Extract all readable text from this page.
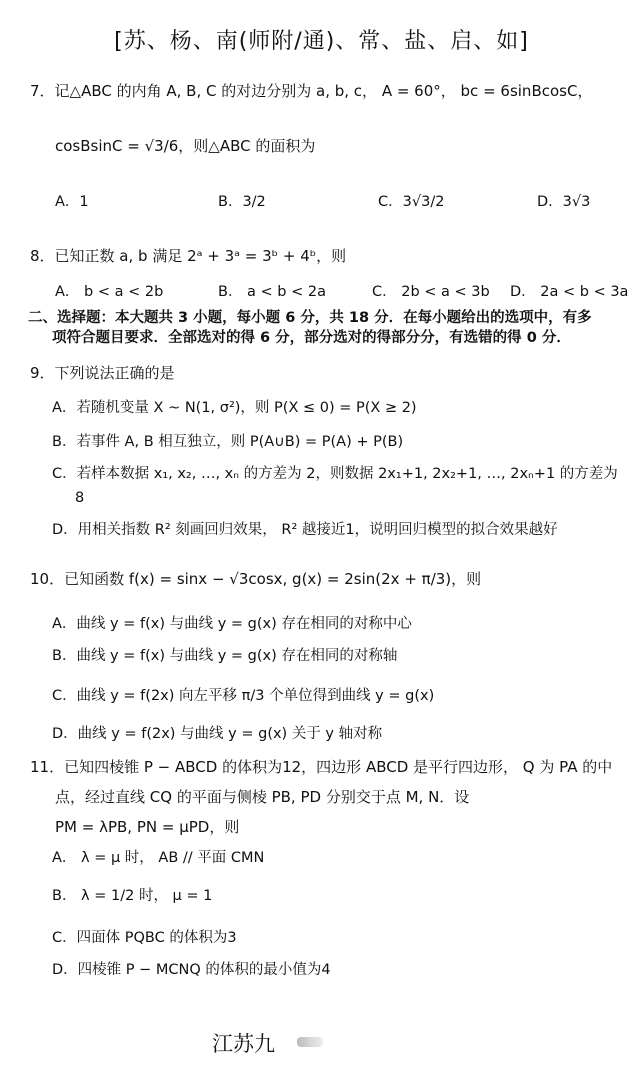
[苏、杨、南(师附/通)、常、盐、启、如]
7．记△ABC 的内角 A, B, C 的对边分别为 a, b, c， A = 60°， bc = 6sinBcosC，
cosBsinC = √3/6，则△ABC 的面积为
A．1	B．3/2	C．3√3/2	D．3√3
8．已知正数 a, b 满足 2ᵃ + 3ᵃ = 3ᵇ + 4ᵇ，则
A． b < a < 2b	B． a < b < 2a	C． 2b < a < 3b D． 2a < b < 3a
二、选择题：本大题共 3 小题，每小题 6 分，共 18 分．在每小题给出的选项中，有多
项符合题目要求．全部选对的得 6 分，部分选对的得部分分，有选错的得 0 分．
9．下列说法正确的是
A．若随机变量 X ~ N(1, σ²)，则 P(X ≤ 0) = P(X ≥ 2)
B．若事件 A, B 相互独立，则 P(A∪B) = P(A) + P(B)
C．若样本数据 x₁, x₂, …, xₙ 的方差为 2，则数据 2x₁+1, 2x₂+1, …, 2xₙ+1 的方差为
8
D．用相关指数 R² 刻画回归效果， R² 越接近1，说明回归模型的拟合效果越好
10．已知函数 f(x) = sinx − √3cosx, g(x) = 2sin(2x + π/3)，则
A．曲线 y = f(x) 与曲线 y = g(x) 存在相同的对称中心
B．曲线 y = f(x) 与曲线 y = g(x) 存在相同的对称轴
C．曲线 y = f(2x) 向左平移 π/3 个单位得到曲线 y = g(x)
D．曲线 y = f(2x) 与曲线 y = g(x) 关于 y 轴对称
11．已知四棱锥 P − ABCD 的体积为12，四边形 ABCD 是平行四边形， Q 为 PA 的中
点，经过直线 CQ 的平面与侧棱 PB, PD 分别交于点 M, N．设
PM = λPB, PN = μPD，则
A． λ = μ 时， AB // 平面 CMN
B． λ = 1/2 时， μ = 1
C．四面体 PQBC 的体积为3
D．四棱锥 P − MCNQ 的体积的最小值为4
江苏九
